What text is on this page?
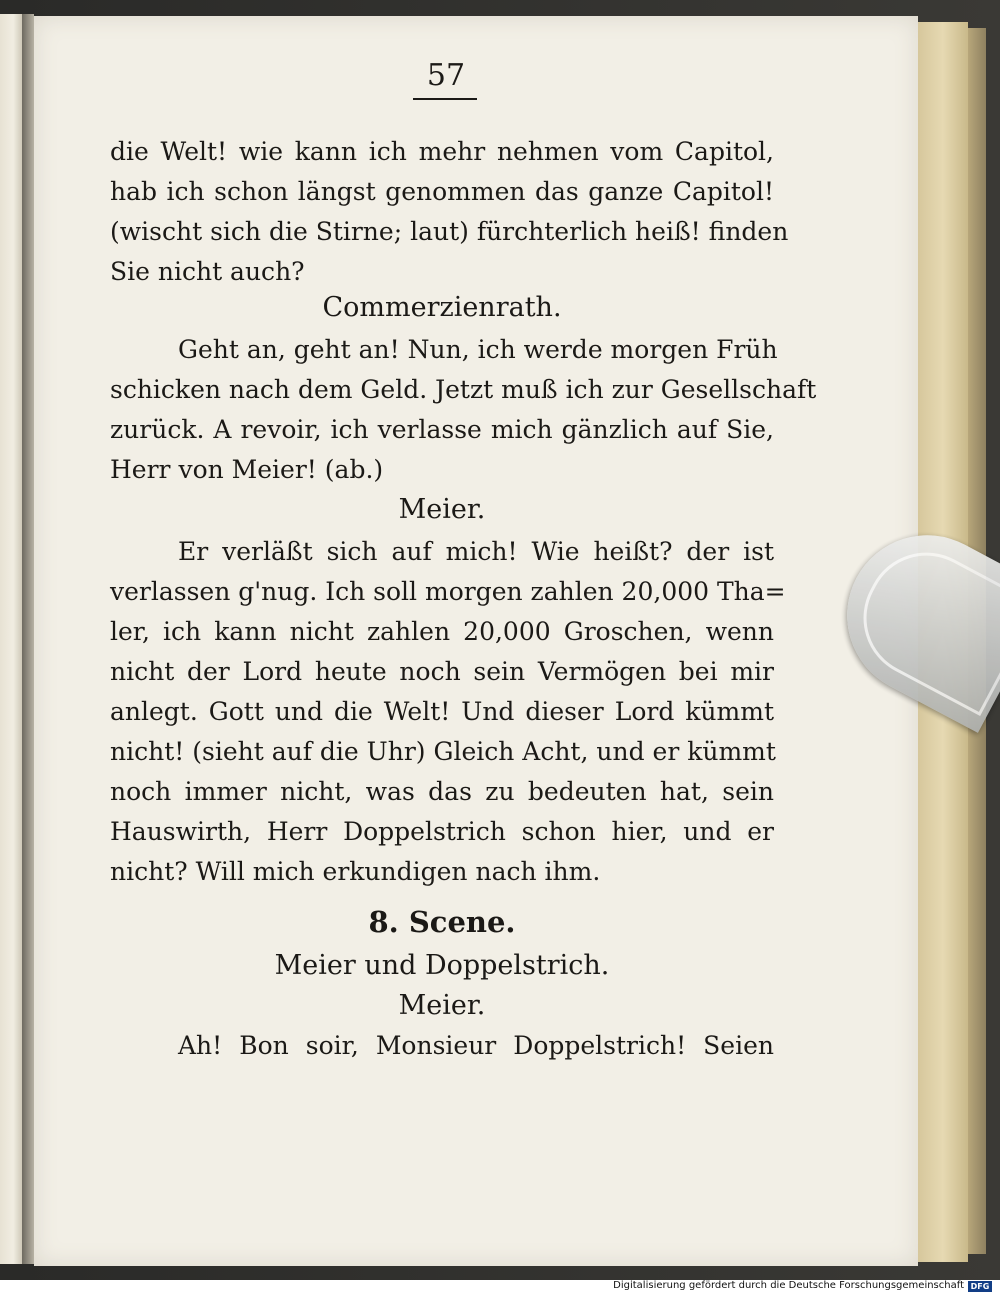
57
die Welt! wie kann ich mehr nehmen vom Capitol,
hab ich schon längst genommen das ganze Capitol!
(wischt sich die Stirne; laut) fürchterlich heiß! finden
Sie nicht auch?
Commerzienrath.
Geht an, geht an! Nun, ich werde morgen Früh
schicken nach dem Geld. Jetzt muß ich zur Gesellschaft
zurück. A revoir, ich verlasse mich gänzlich auf Sie,
Herr von Meier! (ab.)
Meier.
Er verläßt sich auf mich! Wie heißt? der ist
verlassen g'nug. Ich soll morgen zahlen 20,000 Tha=
ler, ich kann nicht zahlen 20,000 Groschen, wenn
nicht der Lord heute noch sein Vermögen bei mir
anlegt. Gott und die Welt! Und dieser Lord kümmt
nicht! (sieht auf die Uhr) Gleich Acht, und er kümmt
noch immer nicht, was das zu bedeuten hat, sein
Hauswirth, Herr Doppelstrich schon hier, und er
nicht? Will mich erkundigen nach ihm.
8. Scene.
Meier und Doppelstrich.
Meier.
Ah! Bon soir, Monsieur Doppelstrich! Seien
Digitalisierung gefördert durch die Deutsche Forschungsgemeinschaft DFG
